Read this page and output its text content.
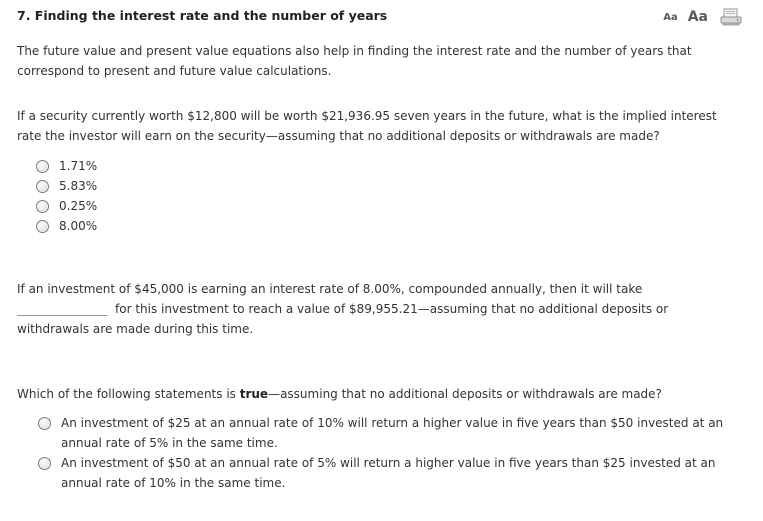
7. Finding the interest rate and the number of years	Aa Aa
The future value and present value equations also help in finding the interest rate and the number of years that correspond to present and future value calculations.
If a security currently worth $12,800 will be worth $21,936.95 seven years in the future, what is the implied interest rate the investor will earn on the security—assuming that no additional deposits or withdrawals are made?
1.71%
5.83%
0.25%
8.00%
If an investment of $45,000 is earning an interest rate of 8.00%, compounded annually, then it will take
for this investment to reach a value of $89,955.21—assuming that no additional deposits or
withdrawals are made during this time.
Which of the following statements is true—assuming that no additional deposits or withdrawals are made?
An investment of $25 at an annual rate of 10% will return a higher value in five years than $50 invested at an annual rate of 5% in the same time.
An investment of $50 at an annual rate of 5% will return a higher value in five years than $25 invested at an annual rate of 10% in the same time.
